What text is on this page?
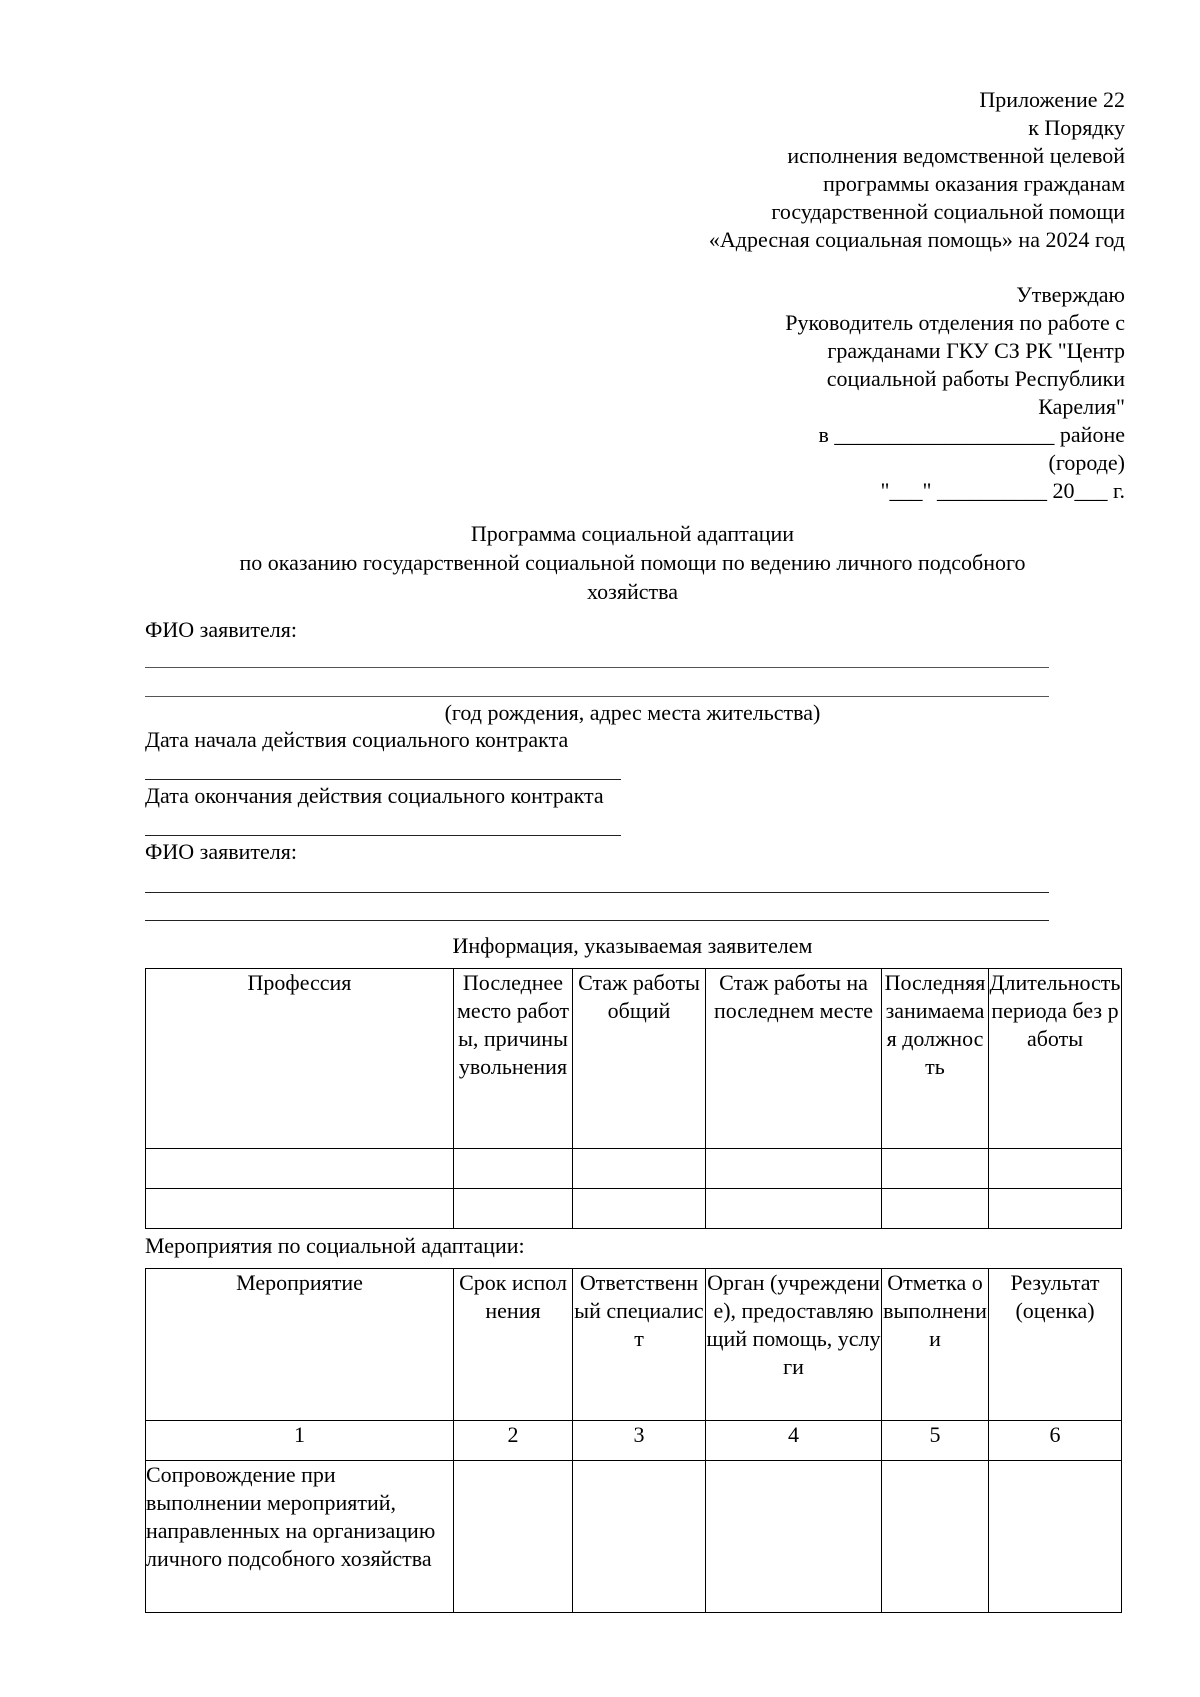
Приложение 22
к Порядку
исполнения ведомственной целевой
программы оказания гражданам
государственной социальной помощи
«Адресная социальная помощь» на 2024 год
Утверждаю
Руководитель отделения по работе с
гражданами ГКУ СЗ РК "Центр
социальной работы Республики
Карелия"
в ____________________ районе
(городе)
"___" __________ 20___ г.
Программа социальной адаптации
по оказанию государственной социальной помощи по ведению личного подсобного
хозяйства
ФИО заявителя:
(год рождения, адрес места жительства)
Дата начала действия социального контракта
Дата окончания действия социального контракта
ФИО заявителя:
Информация, указываемая заявителем
Профессия	Последнее место работы, причины увольнения	Стаж работы общий	Стаж работы на последнем месте	Последняя занимаемая должность	Длительность периода без работы

Мероприятия по социальной адаптации:
Мероприятие	Срок исполнения	Ответственный специалист	Орган (учреждение), предоставляющий помощь, услуги	Отметка о выполнении	Результат (оценка)
1	2	3	4	5	6
Сопровождение при выполнении мероприятий, направленных на организацию личного подсобного хозяйства					
